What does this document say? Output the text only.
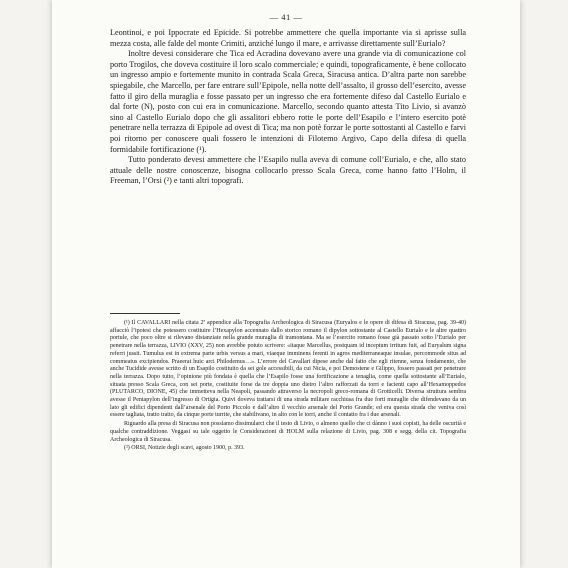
— 41 —

Leontinoi, e poi Ippocrate ed Epicide. Si potrebbe ammettere che quella importante via si aprisse sulla mezza costa, alle falde del monte Crimiti, anziché lungo il mare, e arrivasse direttamente sull’Eurialo?

Inoltre devesi considerare che Tica ed Acradina dovevano avere una grande via di comunicazione col porto Trogilos, che doveva costituire il loro scalo commerciale; e quindi, topograficamente, è bene collocato un ingresso ampio e fortemente munito in contrada Scala Greca, Siracusa antica. D’altra parte non sarebbe spiegabile, che Marcello, per fare entrare sull’Epipole, nella notte dell’assalto, il grosso dell’esercito, avesse fatto il giro della muraglia e fosse passato per un ingresso che era fortemente difeso dal Castello Eurialo e dal forte (N), posto con cui era in comunicazione. Marcello, secondo quanto attesta Tito Livio, si avanzò sino al Castello Eurialo dopo che gli assalitori ebbero rotte le porte dell’Esapilo e l’intero esercito potè penetrare nella terrazza di Epipole ad ovest di Tica; ma non potè forzar le porte sottostanti al Castello e farvi poi ritorno per conoscere quali fossero le intenzioni di Filotemo Argivo, Capo della difesa di quella formidabile fortificazione (¹).

Tutto ponderato devesi ammettere che l’Esapilo nulla aveva di comune coll’Eurialo, e che, allo stato attuale delle nostre conoscenze, bisogna collocarlo presso Scala Greca, come hanno fatto l’Holm, il Freeman, l’Orsi (²) e tanti altri topografi.

(¹) Il CAVALLARI nella citata 2ª appendice alla Topografia Archeologica di Siracusa (Euryalos e le opere di difesa di Siracusa, pag. 39-40) affacciò l’ipotesi che potessero costituire l’Hexapylon accennato dallo storico romano il dipylon sottostante al Castello Eurialo e le altre quattro portule, che poco oltre si rilevano distanziate nella grande muraglia di tramontana. Ma se l’esercito romano fosse già passato sotto l’Eurialo per penetrare nella terrazza, LIVIO (XXV, 25) non avrebbe potuto scrivere: «itaque Marcellus, postquam id inceptum irritum fuit, ad Euryalum signa referri jussit. Tumulus est in extrema parte urbis versus a mari, viaeque imminens ferenti in agros mediterraneaque insulae, percommode situs ad commeatus excipiendos. Praeerat huic arci Philodemus…». L’errore del Cavallari dipese anche dal fatto che egli ritenne, senza fondamento, che anche Tucidide avesse scritto di un Esapilo costituito da sei gole accessibili, da cui Nicia, e poi Demostene e Gilippo, fossero passati per penetrare nella terrazza. Dopo tutto, l’opinione più fondata è quella che l’Esapilo fosse una fortificazione a tenaglia, come quella sottostante all’Eurialo, situata presso Scala Greca, con sei porte, costituite forse da tre doppia uno dietro l’altro rafforzati da torri e facienti capo all’Hexamoppedos (PLUTARCO, DIONE, 45) che immetteva nella Neapoli, passando attraverso la necropoli greco-romana di Grotticelli. Diversa struttura sembra avesse il Pentapylon dell’ingresso di Ortigia. Quivi doveva trattarsi di una strada militare racchiusa fra due forti muraglie che difendevano da un lato gli edifici dipendenti dall’arsenale del Porto Piccolo e dall’altro il vecchio arsenale del Porto Grande; ed era questa strada che veniva così essere tagliata, tratto tratto, da cinque porte turrite, che stabilivano, in alto con le torri, anche il contatto fra i due arsenali.

Riguardo alla presa di Siracusa non possiamo dissimularci che il testo di Livio, o almeno quello che ci dànno i suoi copisti, ha delle oscurità e qualche contraddizione. Veggasi su tale oggetto le Considerazioni di HOLM sulla relazione di Livio, pag. 308 e segg. della cit. Topografia Archeologica di Siracusa.

(²) ORSI, Notizie degli scavi, agosto 1900, p. 393.
